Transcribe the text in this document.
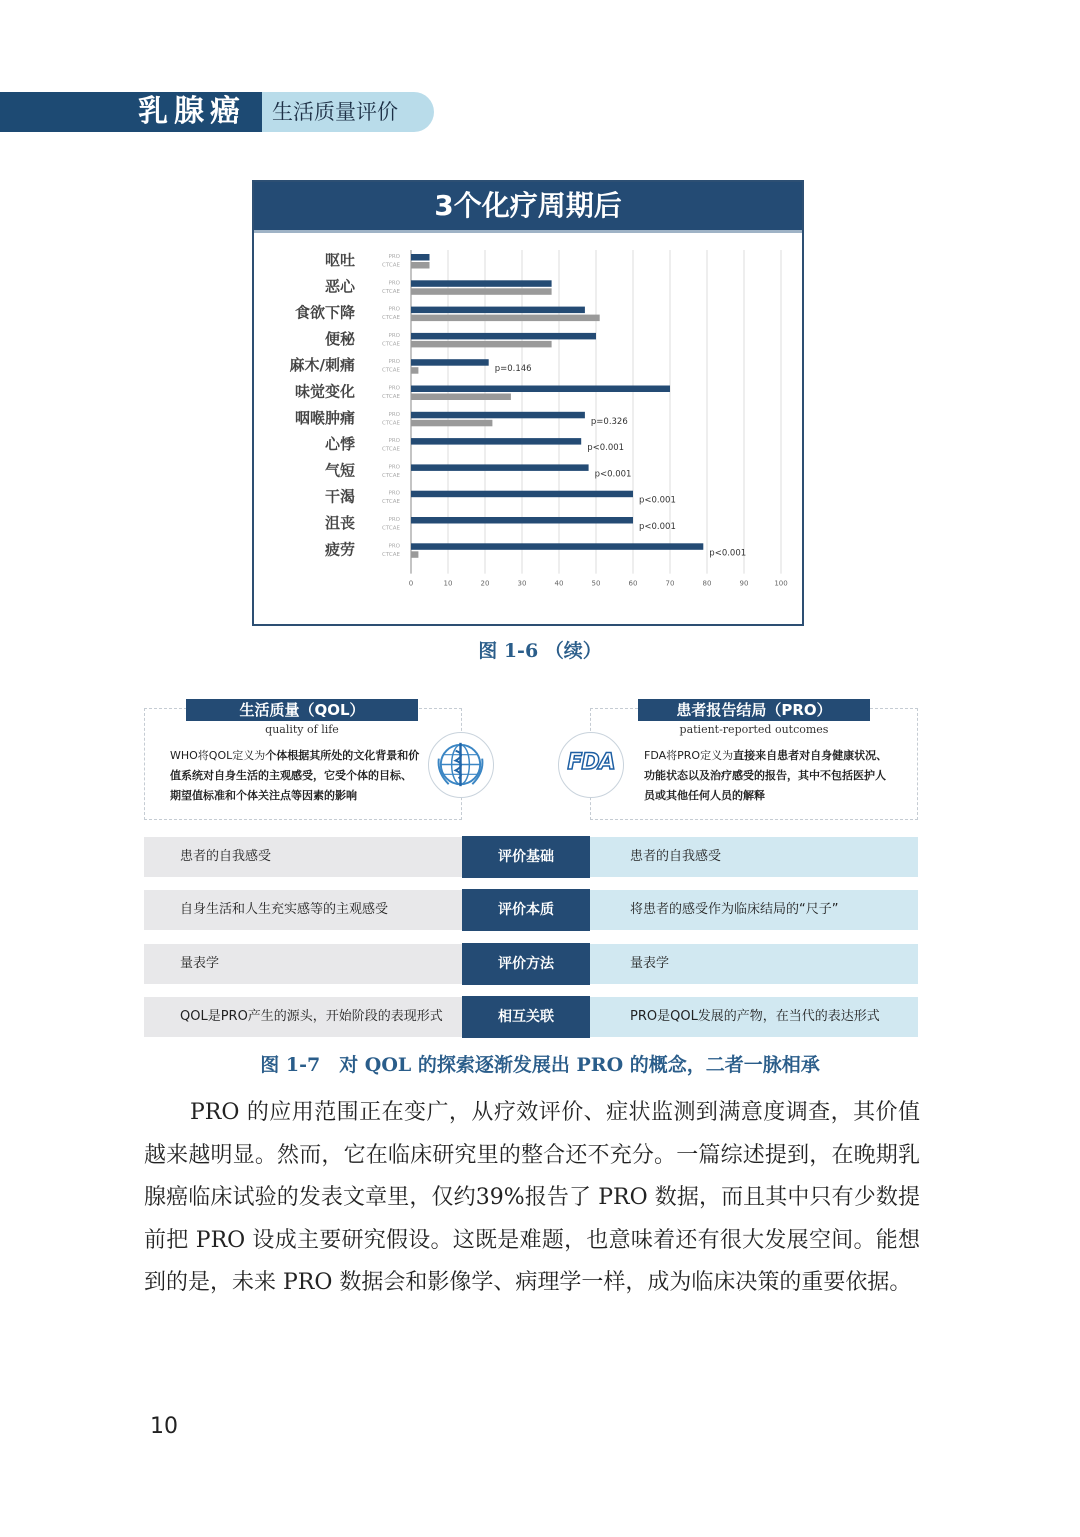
乳腺癌 生活质量评价
3个化疗周期后
0	10	20	30	40	50	60	70	80	90	100
呕吐	PRO
CTCAE
恶心	PRO
CTCAE
食欲下降	PRO
CTCAE
便秘	PRO
CTCAE
麻木/刺痛	PRO
CTCAE	p=0.146
味觉变化	PRO
CTCAE
咽喉肿痛	PRO
CTCAE	p=0.326
心悸	PRO
CTCAE	p<0.001
气短	PRO
CTCAE	p<0.001
干渴	PRO
CTCAE	p<0.001
沮丧	PRO
CTCAE	p<0.001
疲劳	PRO
CTCAE	p<0.001
图 1-6 （续）
生活质量（QOL）
quality of life
WHO将QOL定义为个体根据其所处的文化背景和价值系统对自身生活的主观感受，它受个体的目标、期望值标准和个体关注点等因素的影响
患者报告结局（PRO）
patient-reported outcomes
FDA将PRO定义为直接来自患者对自身健康状况、功能状态以及治疗感受的报告，其中不包括医护人员或其他任何人员的解释
FDA
患者的自我感受	评价基础	患者的自我感受
自身生活和人生充实感等的主观感受	评价本质	将患者的感受作为临床结局的“尺子”
量表学	评价方法	量表学
QOL是PRO产生的源头，开始阶段的表现形式	相互关联	PRO是QOL发展的产物，在当代的表达形式
图 1-7　对 QOL 的探索逐渐发展出 PRO 的概念，二者一脉相承

PRO 的应用范围正在变广，从疗效评价、症状监测到满意度调查，其价值越来越明显。然而，它在临床研究里的整合还不充分。一篇综述提到，在晚期乳腺癌临床试验的发表文章里，仅约39%报告了 PRO 数据，而且其中只有少数提前把 PRO 设成主要研究假设。这既是难题，也意味着还有很大发展空间。能想到的是，未来 PRO 数据会和影像学、病理学一样，成为临床决策的重要依据。

10
